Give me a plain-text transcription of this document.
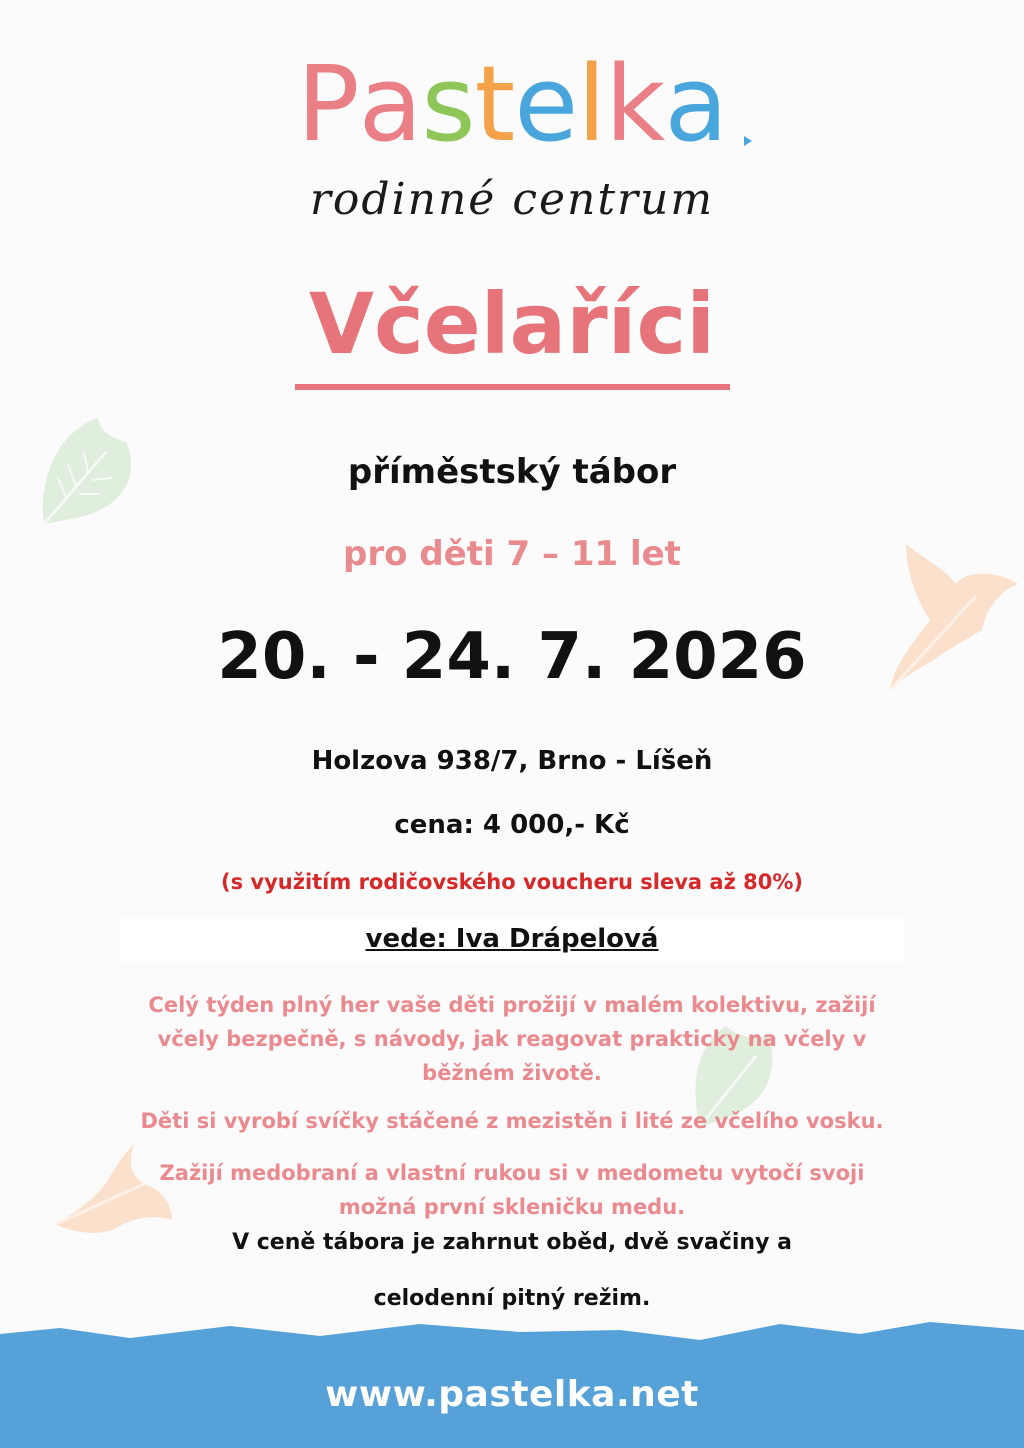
Pastelka
rodinné centrum
Včelaříci
příměstský tábor
pro děti 7 – 11 let
20. - 24. 7. 2026
Holzova 938/7, Brno - Líšeň
cena: 4 000,- Kč
(s využitím rodičovského voucheru sleva až 80%)
vede: Iva Drápelová
Celý týden plný her vaše děti prožijí v malém kolektivu, zažijí včely bezpečně, s návody, jak reagovat prakticky na včely v běžném životě.
Děti si vyrobí svíčky stáčené z mezistěn i lité ze včelího vosku.
Zažijí medobraní a vlastní rukou si v medometu vytočí svoji možná první skleničku medu.
V ceně tábora je zahrnut oběd, dvě svačiny a
celodenní pitný režim.
www.pastelka.net
